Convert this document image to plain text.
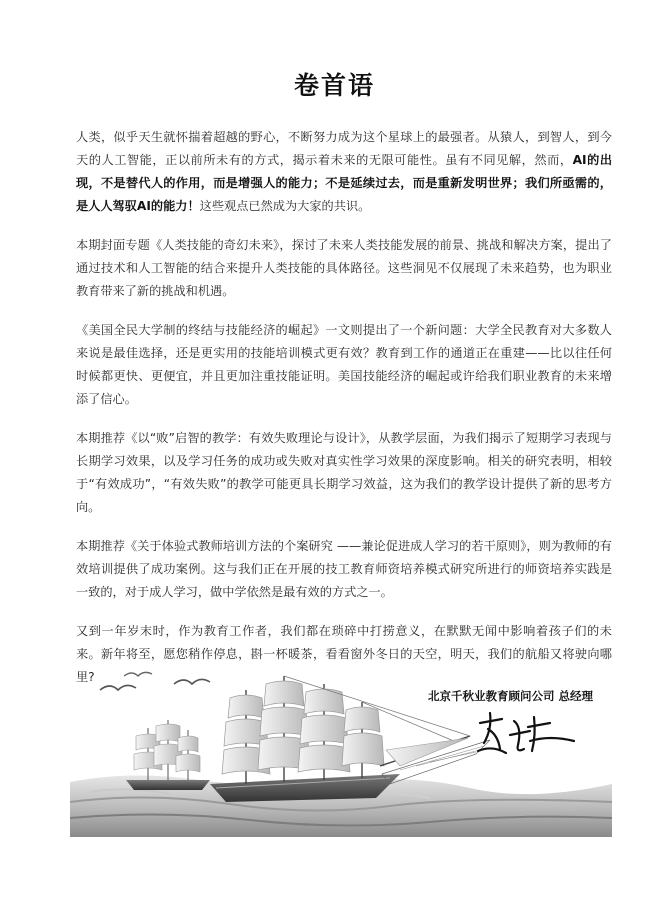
卷首语

人类，似乎天生就怀揣着超越的野心，不断努力成为这个星球上的最强者。从猿人，到智人，到今天的人工智能，正以前所未有的方式，揭示着未来的无限可能性。虽有不同见解，然而，AI的出现，不是替代人的作用，而是增强人的能力；不是延续过去，而是重新发明世界；我们所亟需的，是人人驾驭AI的能力！这些观点已然成为大家的共识。

本期封面专题《人类技能的奇幻未来》，探讨了未来人类技能发展的前景、挑战和解决方案，提出了通过技术和人工智能的结合来提升人类技能的具体路径。这些洞见不仅展现了未来趋势，也为职业教育带来了新的挑战和机遇。

《美国全民大学制的终结与技能经济的崛起》一文则提出了一个新问题：大学全民教育对大多数人来说是最佳选择，还是更实用的技能培训模式更有效？教育到工作的通道正在重建——比以往任何时候都更快、更便宜，并且更加注重技能证明。美国技能经济的崛起或许给我们职业教育的未来增添了信心。

本期推荐《以“败”启智的教学：有效失败理论与设计》，从教学层面，为我们揭示了短期学习表现与长期学习效果，以及学习任务的成功或失败对真实性学习效果的深度影响。相关的研究表明，相较于“有效成功”，“有效失败”的教学可能更具长期学习效益，这为我们的教学设计提供了新的思考方向。

本期推荐《关于体验式教师培训方法的个案研究 ——兼论促进成人学习的若干原则》，则为教师的有效培训提供了成功案例。这与我们正在开展的技工教育师资培养模式研究所进行的师资培养实践是一致的，对于成人学习，做中学依然是最有效的方式之一。

又到一年岁末时，作为教育工作者，我们都在琐碎中打捞意义，在默默无闻中影响着孩子们的未来。新年将至，愿您稍作停息，斟一杯暖茶，看看窗外冬日的天空，明天，我们的航船又将驶向哪里?

北京千秋业教育顾问公司 总经理
